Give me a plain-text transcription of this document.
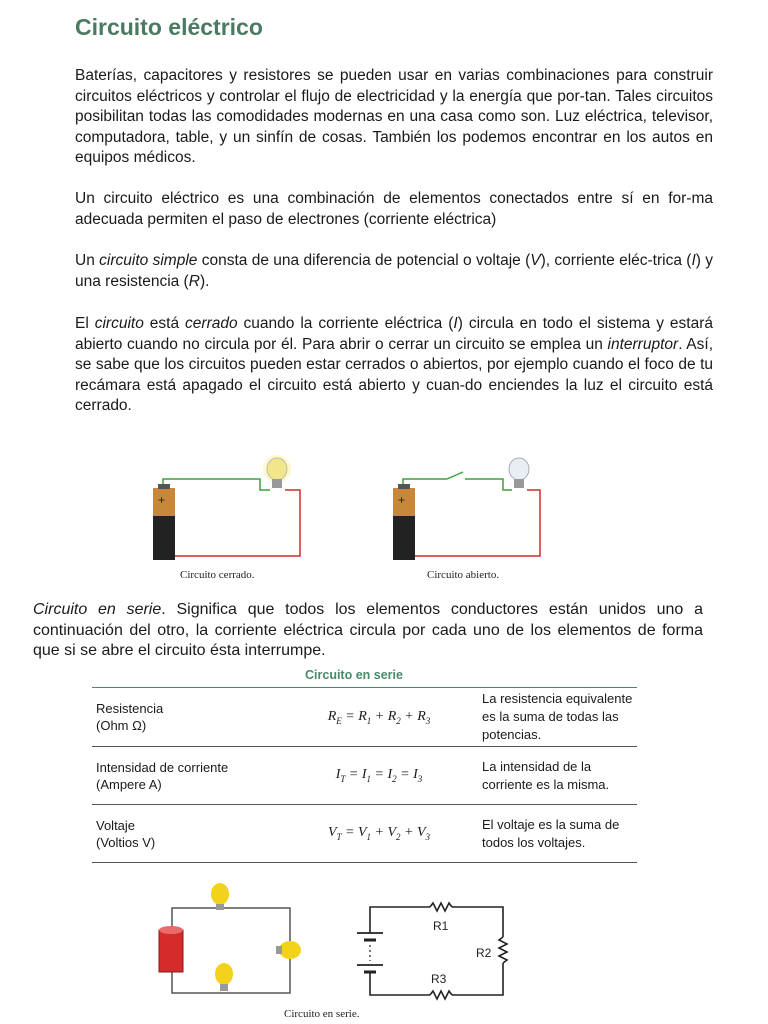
Circuito eléctrico

Baterías, capacitores y resistores se pueden usar en varias combinaciones para construir circuitos eléctricos y controlar el flujo de electricidad y la energía que por-tan. Tales circuitos posibilitan todas las comodidades modernas en una casa como son. Luz eléctrica, televisor, computadora, table, y un sinfín de cosas. También los podemos encontrar en los autos en equipos médicos.

Un circuito eléctrico es una combinación de elementos conectados entre sí en for-ma adecuada permiten el paso de electrones (corriente eléctrica)

Un circuito simple consta de una diferencia de potencial o voltaje (V), corriente eléc-trica (I) y una resistencia (R).

El circuito está cerrado cuando la corriente eléctrica (I) circula en todo el sistema y estará abierto cuando no circula por él. Para abrir o cerrar un circuito se emplea un interruptor. Así, se sabe que los circuitos pueden estar cerrados o abiertos, por ejemplo cuando el foco de tu recámara está apagado el circuito está abierto y cuan-do enciendes la luz el circuito está cerrado.

+
Circuito cerrado.
+
Circuito abierto.

Circuito en serie. Significa que todos los elementos conductores están unidos uno a continuación del otro, la corriente eléctrica circula por cada uno de los elementos de forma que si se abre el circuito ésta interrumpe.

Circuito en serie
Resistencia
(Ohm Ω)	$R_E = R_1 + R_2 + R_3$	La resistencia equivalente es la suma de todas las potencias.

Intensidad de corriente
(Ampere A)	$I_T = I_1 = I_2 = I_3$	La intensidad de la corriente es la misma.

Voltaje
(Voltios V)	$V_T = V_1 + V_2 + V_3$	El voltaje es la suma de todos los voltajes.
R1
R2
R3
Circuito en serie.
